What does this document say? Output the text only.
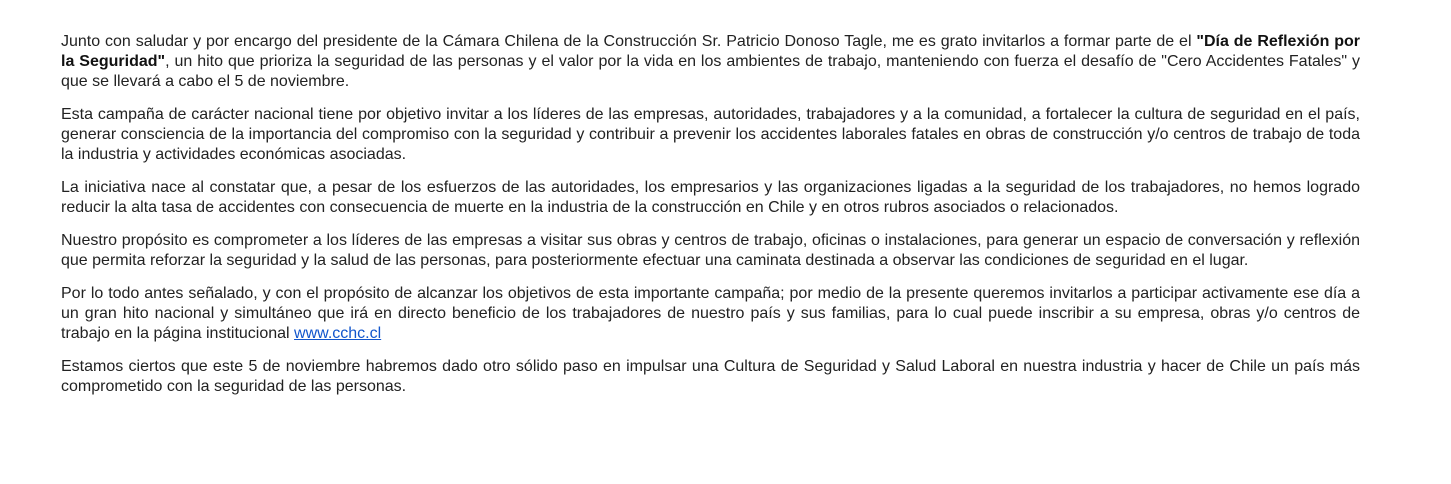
Junto con saludar y por encargo del presidente de la Cámara Chilena de la Construcción Sr. Patricio Donoso Tagle, me es grato invitarlos a formar parte de el "Día de Reflexión por la Seguridad", un hito que prioriza la seguridad de las personas y el valor por la vida en los ambientes de trabajo, manteniendo con fuerza el desafío de "Cero Accidentes Fatales" y que se llevará a cabo el 5 de noviembre.

Esta campaña de carácter nacional tiene por objetivo invitar a los líderes de las empresas, autoridades, trabajadores y a la comunidad, a fortalecer la cultura de seguridad en el país, generar consciencia de la importancia del compromiso con la seguridad y contribuir a prevenir los accidentes laborales fatales en obras de construcción y/o centros de trabajo de toda la industria y actividades económicas asociadas.

La iniciativa nace al constatar que, a pesar de los esfuerzos de las autoridades, los empresarios y las organizaciones ligadas a la seguridad de los trabajadores, no hemos logrado reducir la alta tasa de accidentes con consecuencia de muerte en la industria de la construcción en Chile y en otros rubros asociados o relacionados.

Nuestro propósito es comprometer a los líderes de las empresas a visitar sus obras y centros de trabajo, oficinas o instalaciones, para generar un espacio de conversación y reflexión que permita reforzar la seguridad y la salud de las personas, para posteriormente efectuar una caminata destinada a observar las condiciones de seguridad en el lugar.

Por lo todo antes señalado, y con el propósito de alcanzar los objetivos de esta importante campaña; por medio de la presente queremos invitarlos a participar activamente ese día a un gran hito nacional y simultáneo que irá en directo beneficio de los trabajadores de nuestro país y sus familias, para lo cual puede inscribir a su empresa, obras y/o centros de trabajo en la página institucional www.cchc.cl

Estamos ciertos que este 5 de noviembre habremos dado otro sólido paso en impulsar una Cultura de Seguridad y Salud Laboral en nuestra industria y hacer de Chile un país más comprometido con la seguridad de las personas.
